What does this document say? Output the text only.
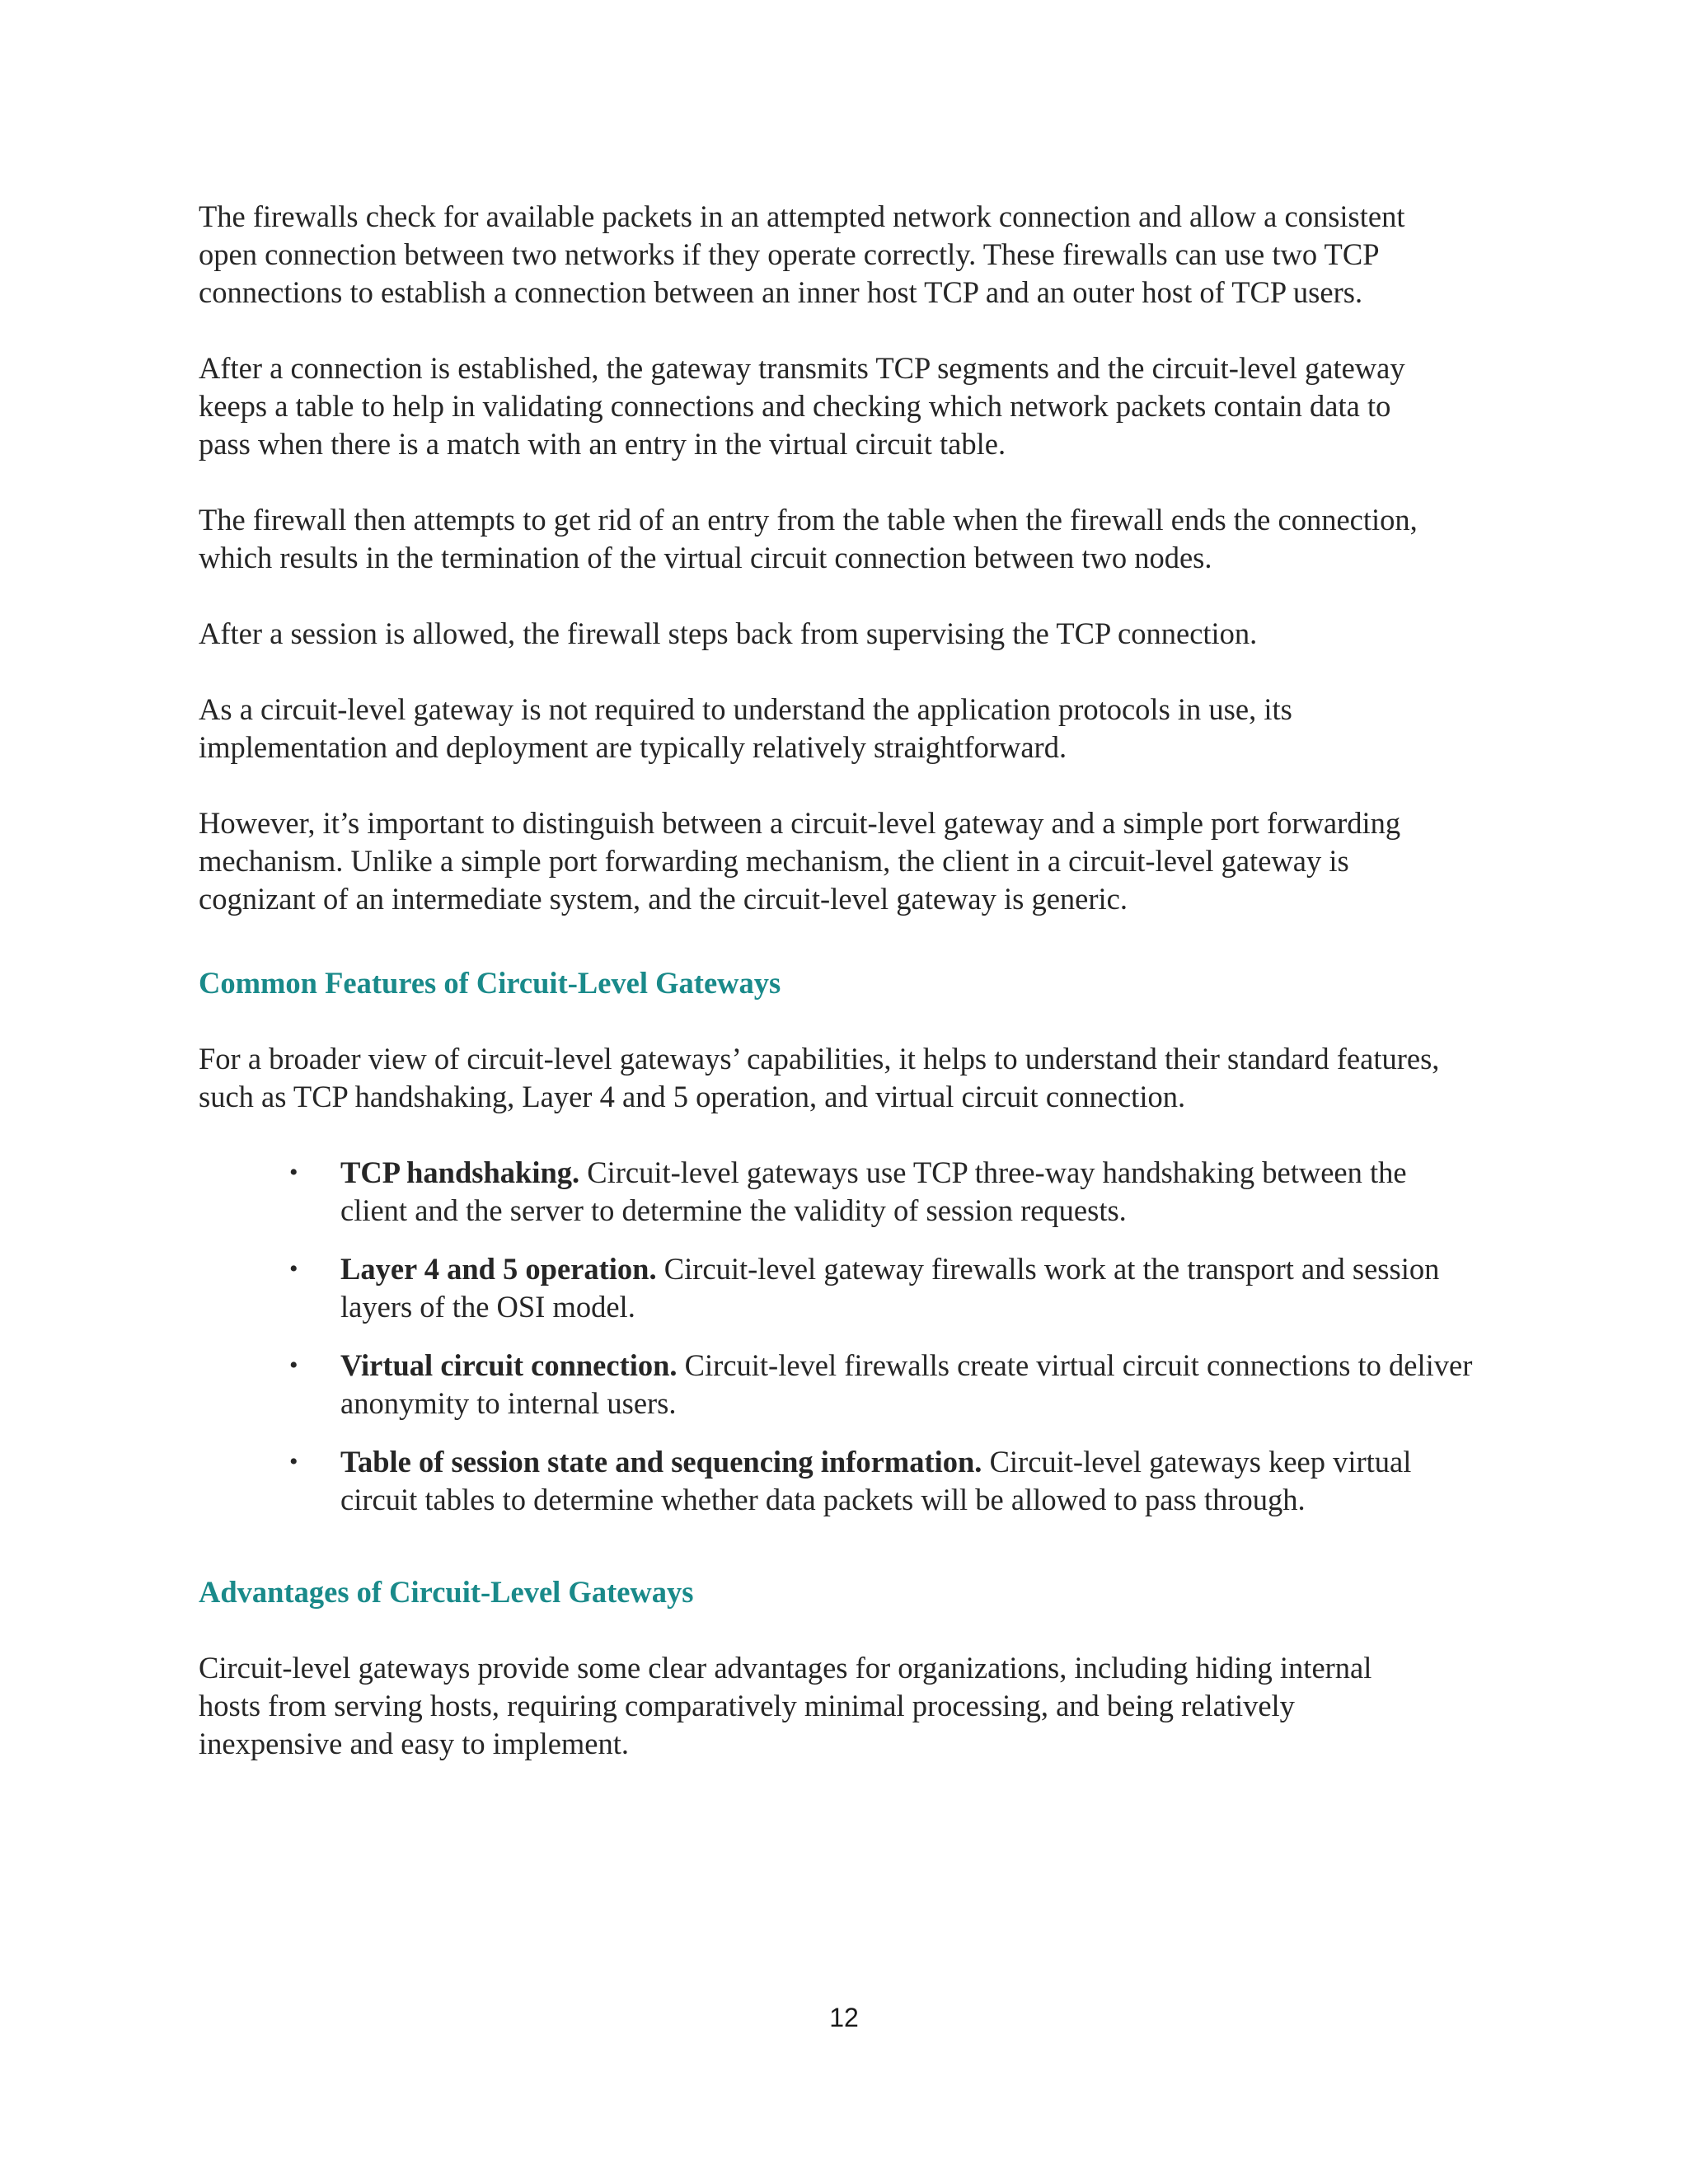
The firewalls check for available packets in an attempted network connection and allow a consistent open connection between two networks if they operate correctly. These firewalls can use two TCP connections to establish a connection between an inner host TCP and an outer host of TCP users.

After a connection is established, the gateway transmits TCP segments and the circuit-level gateway keeps a table to help in validating connections and checking which network packets contain data to pass when there is a match with an entry in the virtual circuit table.

The firewall then attempts to get rid of an entry from the table when the firewall ends the connection, which results in the termination of the virtual circuit connection between two nodes.

After a session is allowed, the firewall steps back from supervising the TCP connection.

As a circuit-level gateway is not required to understand the application protocols in use, its implementation and deployment are typically relatively straightforward.

However, it’s important to distinguish between a circuit-level gateway and a simple port forwarding mechanism. Unlike a simple port forwarding mechanism, the client in a circuit-level gateway is cognizant of an intermediate system, and the circuit-level gateway is generic.

Common Features of Circuit-Level Gateways

For a broader view of circuit-level gateways’ capabilities, it helps to understand their standard features, such as TCP handshaking, Layer 4 and 5 operation, and virtual circuit connection.

• TCP handshaking. Circuit-level gateways use TCP three-way handshaking between the client and the server to determine the validity of session requests.
• Layer 4 and 5 operation. Circuit-level gateway firewalls work at the transport and session layers of the OSI model.
• Virtual circuit connection. Circuit-level firewalls create virtual circuit connections to deliver anonymity to internal users.
• Table of session state and sequencing information. Circuit-level gateways keep virtual circuit tables to determine whether data packets will be allowed to pass through.
Advantages of Circuit-Level Gateways

Circuit-level gateways provide some clear advantages for organizations, including hiding internal hosts from serving hosts, requiring comparatively minimal processing, and being relatively inexpensive and easy to implement.

12
